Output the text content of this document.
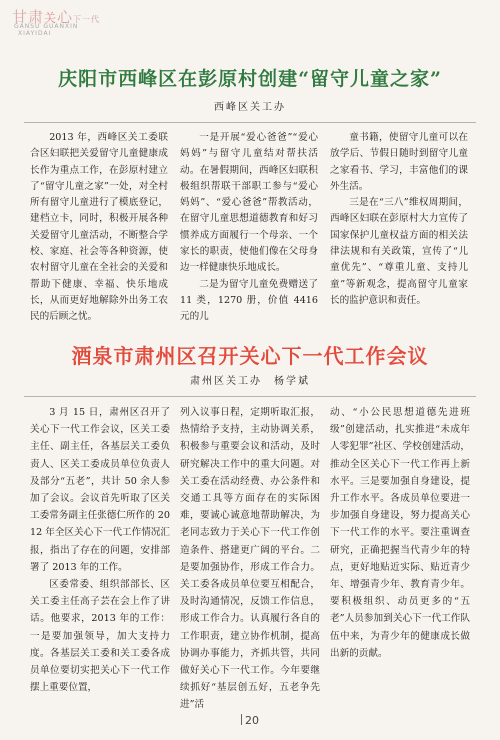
甘肃关心下一代
GANSU GUANXIN
XIAYIDAI
庆阳市西峰区在彭原村创建“留守儿童之家”
西峰区关工办

2013 年，西峰区关工委联合区妇联把关爱留守儿童健康成长作为重点工作，在彭原村建立了“留守儿童之家”一处，对全村所有留守儿童进行了模底登记，建档立卡，同时，积极开展各种关爱留守儿童活动，不断整合学校、家庭、社会等各种资源，使农村留守儿童在全社会的关爱和帮助下健康、幸福、快乐地成长，从而更好地解除外出务工农民的后顾之忧。

一是开展“爱心爸爸”“爱心妈妈”与留守儿童结对帮扶活动。在暑假期间，西峰区妇联积极组织帮联干部职工参与“爱心妈妈”、“爱心爸爸”帮教活动，在留守儿童思想道德教育和好习惯养成方面履行一个母亲、一个家长的职责，使他们像在父母身边一样健康快乐地成长。

二是为留守儿童免费赠送了11 类，1270 册，价值 4416 元的儿

童书籍，使留守儿童可以在放学后、节假日随时到留守儿童之家看书、学习，丰富他们的课外生活。

三是在“三八”维权周期间，西峰区妇联在彭原村大力宣传了国家保护儿童权益方面的相关法律法规和有关政策，宣传了“儿童优先”、“尊重儿童、支持儿童”等新观念，提高留守儿童家长的监护意识和责任。

酒泉市肃州区召开关心下一代工作会议
肃州区关工办　杨学斌

3 月 15 日，肃州区召开了关心下一代工作会议，区关工委主任、副主任，各基层关工委负责人、区关工委成员单位负责人及部分“五老”，共计 50 余人参加了会议。会议首先听取了区关工委常务副主任张德仁所作的 2012 年全区关心下一代工作情况汇报，指出了存在的问题，安排部署了 2013 年的工作。

区委常委、组织部部长、区关工委主任高子芸在会上作了讲话。他要求，2013 年的工作：一是要加强领导，加大支持力度。各基层关工委和关工委各成员单位要切实把关心下一代工作摆上重要位置，

列入议事日程，定期听取汇报，热情给予支持，主动协调关系，积极参与重要会议和活动，及时研究解决工作中的重大问题。对关工委在活动经费、办公条件和交通工具等方面存在的实际困难，要诚心诚意地帮助解决，为老同志致力于关心下一代工作创造条件、搭建更广阔的平台。二是要加强协作，形成工作合力。关工委各成员单位要互相配合，及时沟通情况，反馈工作信息，形成工作合力。认真履行各自的工作职责，建立协作机制，提高协调办事能力，齐抓共管，共同做好关心下一代工作。今年要继续抓好“基层创五好，五老争先进”活

动、“小公民思想道德先进班级”创建活动，扎实推进“未成年人零犯罪”社区、学校创建活动，推动全区关心下一代工作再上新水平。三是要加强自身建设，提升工作水平。各成员单位要进一步加强自身建设，努力提高关心下一代工作的水平。要注重调查研究，正确把握当代青少年的特点，更好地贴近实际、贴近青少年、增强青少年、教育青少年。要积极组织、动员更多的“五老”人员参加到关心下一代工作队伍中来，为青少年的健康成长做出新的贡献。

20
